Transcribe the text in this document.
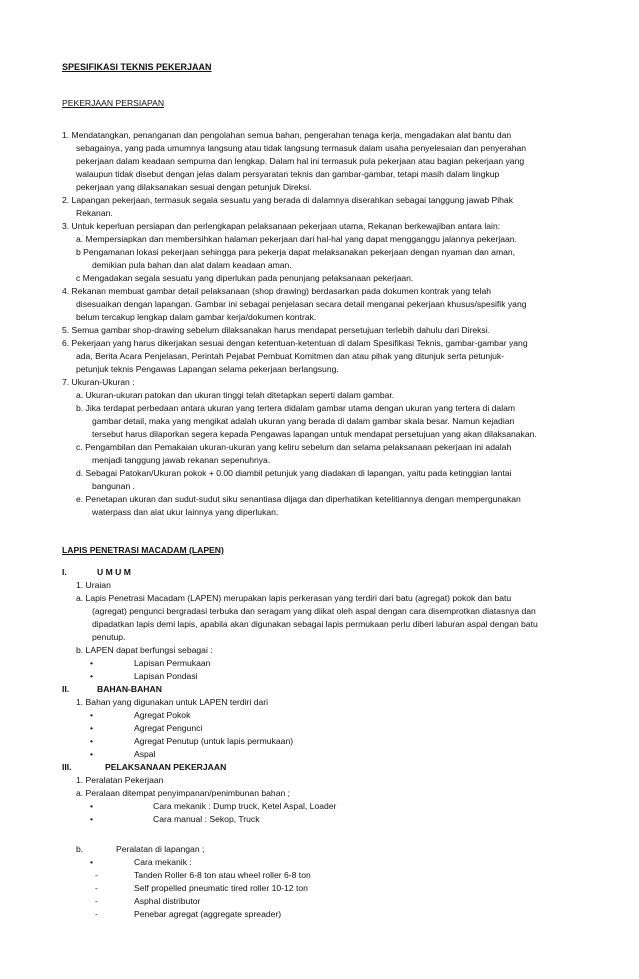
SPESIFIKASI TEKNIS PEKERJAAN
PEKERJAAN PERSIAPAN
1. Mendatangkan, penanganan dan pengolahan semua bahan, pengerahan tenaga kerja, mengadakan alat bantu dan
sebagainya, yang pada umumnya langsung atau tidak langsung termasuk dalam usaha penyelesaian dan penyerahan
pekerjaan dalam keadaan sempurna dan lengkap. Dalam hal ini termasuk pula pekerjaan atau bagian pekerjaan yang
walaupun tidak disebut dengan jelas dalam persyaratan teknis dan gambar-gambar, tetapi masih dalam lingkup
pekerjaan yang dilaksanakan sesuai dengan petunjuk Direksi.
2. Lapangan pekerjaan, termasuk segala sesuatu yang berada di dalamnya diserahkan sebagai tanggung jawab Pihak
Rekanan.
3. Untuk keperluan persiapan dan perlengkapan pelaksanaan pekerjaan utama, Rekanan berkewajiban antara lain:
a. Mempersiapkan dan membersihkan halaman pekerjaan dari hal-hal yang dapat mengganggu jalannya pekerjaan.
b Pengamanan lokasi pekerjaan sehingga para pekerja dapat melaksanakan pekerjaan dengan nyaman dan aman,
demikian pula bahan dan alat dalam keadaan aman.
c Mengadakan segala sesuatu yang diperlukan pada penunjang pelaksanaan pekerjaan.
4. Rekanan membuat gambar detail pelaksanaan (shop drawing) berdasarkan pada dokumen kontrak yang telah
disesuaikan dengan lapangan. Gambar ini sebagai penjelasan secara detail menganai pekerjaan khusus/spesifik yang
belum tercakup lengkap dalam gambar kerja/dokumen kontrak.
5. Semua gambar shop-drawing sebelum dilaksanakan harus mendapat persetujuan terlebih dahulu dari Direksi.
6. Pekerjaan yang harus dikerjakan sesuai dengan ketentuan-ketentuan di dalam Spesifikasi Teknis, gambar-gambar yang
ada, Berita Acara Penjelasan, Perintah Pejabat Pembuat Komitmen dan atau pihak yang ditunjuk serta petunjuk-
petunjuk teknis Pengawas Lapangan selama pekerjaan berlangsung.
7. Ukuran-Ukuran :
a. Ukuran-ukuran patokan dan ukuran tinggi telah ditetapkan seperti dalam gambar.
b. Jika terdapat perbedaan antara ukuran yang tertera didalam gambar utama dengan ukuran yang tertera di dalam
gambar detail, maka yang mengikat adalah ukuran yang berada di dalam gambar skala besar. Namun kejadian
tersebut harus dilaporkan segera kepada Pengawas lapangan untuk mendapat persetujuan yang akan dilaksanakan.
c. Pengambilan dan Pemakaian ukuran-ukuran yang keliru sebelum dan selama pelaksanaan pekerjaan ini adalah
menjadi tanggung jawab rekanan sepenuhnya.
d. Sebagai Patokan/Ukuran pokok + 0.00 diambil petunjuk yang diadakan di lapangan, yaitu pada ketinggian lantai
bangunan .
e. Penetapan ukuran dan sudut-sudut siku senantiasa dijaga dan diperhatikan ketelitiannya dengan mempergunakan
waterpass dan alat ukur lainnya yang diperlukan.
LAPIS PENETRASI MACADAM (LAPEN)
I.	U M U M
1. Uraian
a. Lapis Penetrasi Macadam (LAPEN) merupakan lapis perkerasan yang terdiri dari batu (agregat) pokok dan batu
(agregat) pengunci bergradasi terbuka dan seragam yang diikat oleh aspal dengan cara disemprotkan diatasnya dan
dipadatkan lapis demi lapis, apabila akan digunakan sebagai lapis permukaan perlu diberi laburan aspal dengan batu
penutup.
b. LAPEN dapat berfungsi sebagai :
•	Lapisan Permukaan
•	Lapisan Pondasi
II.	BAHAN-BAHAN
1. Bahan yang digunakan untuk LAPEN terdiri dari
•	Agregat Pokok
•	Agregat Pengunci
•	Agregat Penutup (untuk lapis permukaan)
•	Aspal
III.	PELAKSANAAN PEKERJAAN
1. Peralatan Pekerjaan
a. Peralaan ditempat penyimpanan/penimbunan bahan ;
•	Cara mekanik : Dump truck, Ketel Aspal, Loader
•	Cara manual : Sekop, Truck
b.	Peralatan di lapangan ;
•	Cara mekanik :
-	Tanden Roller 6-8 ton atau wheel roller 6-8 ton
-	Self propelled pneumatic tired roller 10-12 ton
-	Asphal distributor
-	Penebar agregat (aggregate spreader)
